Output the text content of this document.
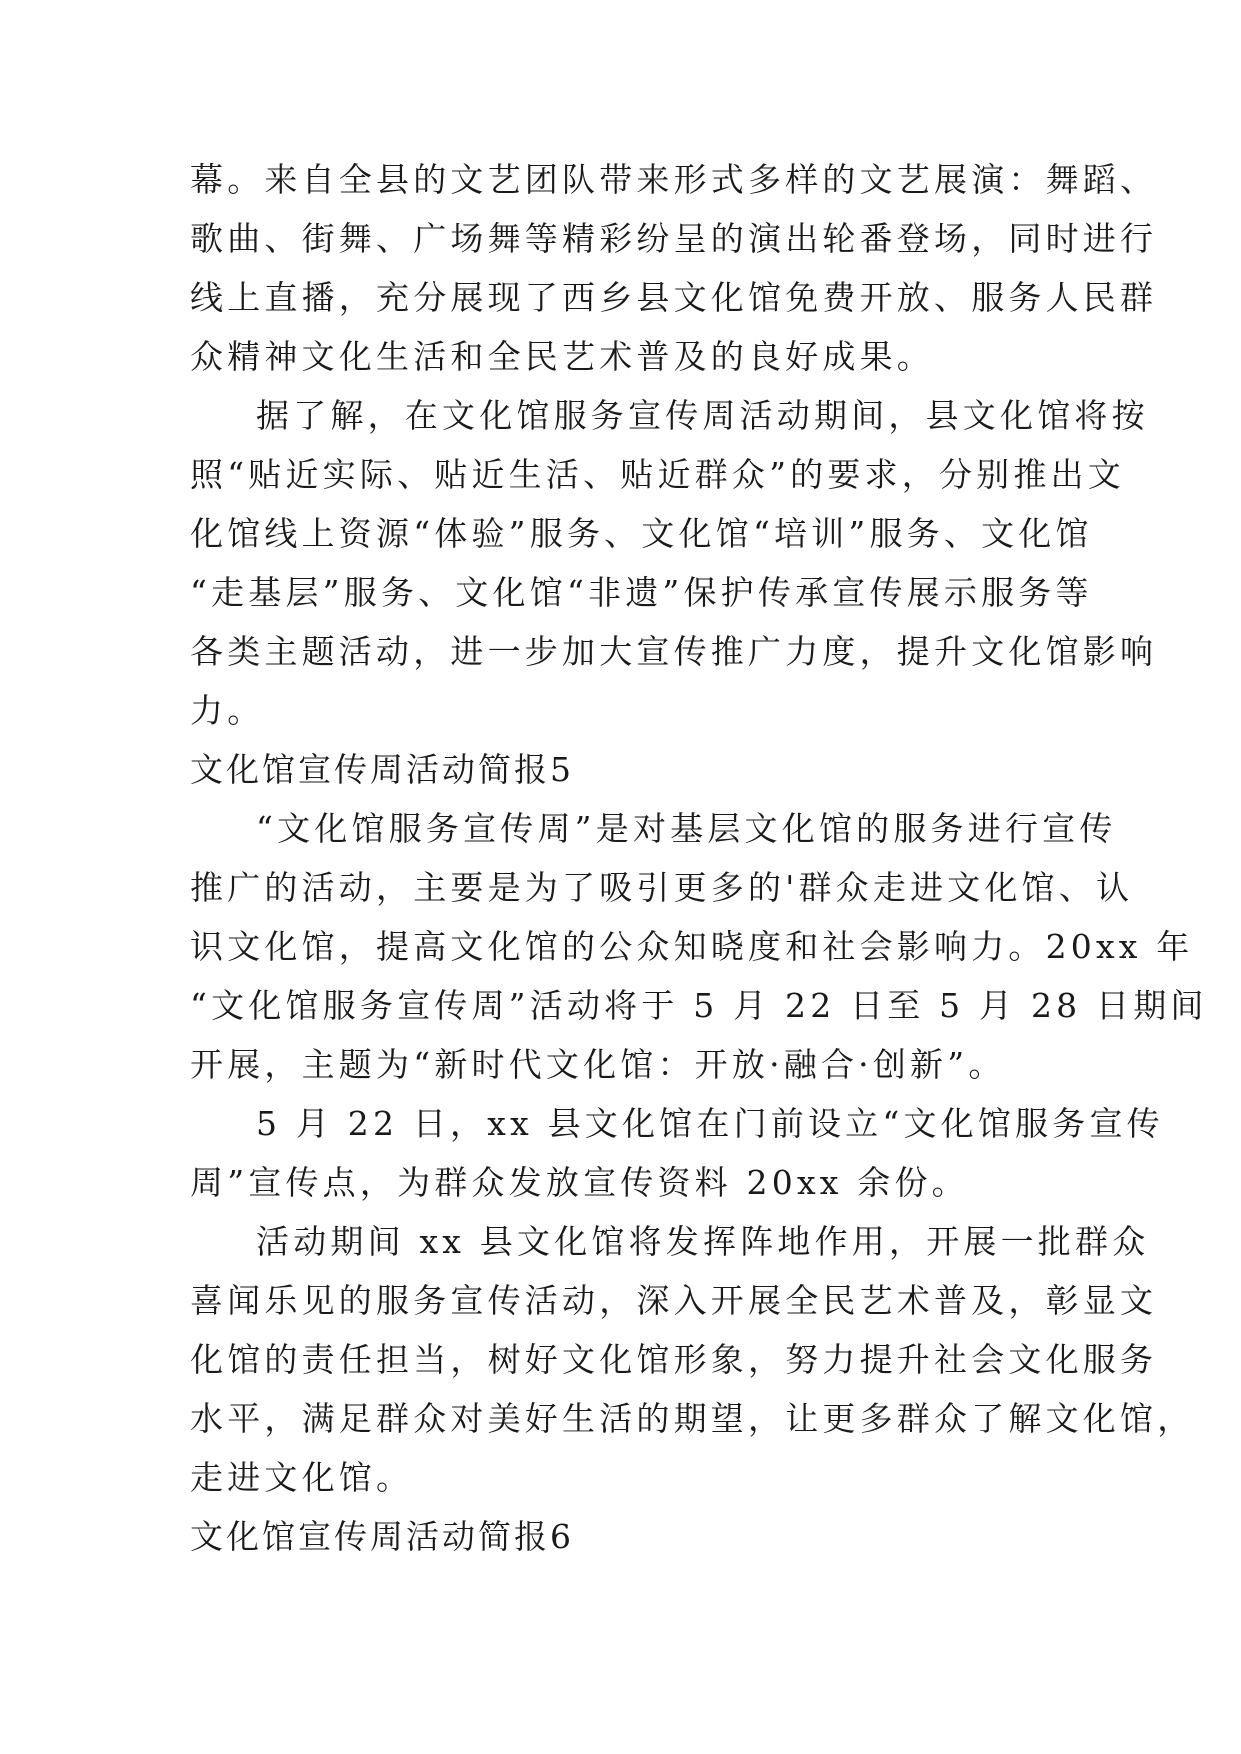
幕。来自全县的文艺团队带来形式多样的文艺展演：舞蹈、
歌曲、街舞、广场舞等精彩纷呈的演出轮番登场，同时进行
线上直播，充分展现了西乡县文化馆免费开放、服务人民群
众精神文化生活和全民艺术普及的良好成果。
据了解，在文化馆服务宣传周活动期间，县文化馆将按
照“贴近实际、贴近生活、贴近群众”的要求，分别推出文
化馆线上资源“体验”服务、文化馆“培训”服务、文化馆
“走基层”服务、文化馆“非遗”保护传承宣传展示服务等
各类主题活动，进一步加大宣传推广力度，提升文化馆影响
力。
文化馆宣传周活动简报5
“文化馆服务宣传周”是对基层文化馆的服务进行宣传
推广的活动，主要是为了吸引更多的'群众走进文化馆、认
识文化馆，提高文化馆的公众知晓度和社会影响力。20xx 年
“文化馆服务宣传周”活动将于 5 月 22 日至 5 月 28 日期间
开展，主题为“新时代文化馆：开放·融合·创新”。
5 月 22 日，xx 县文化馆在门前设立“文化馆服务宣传
周”宣传点，为群众发放宣传资料 20xx 余份。
活动期间 xx 县文化馆将发挥阵地作用，开展一批群众
喜闻乐见的服务宣传活动，深入开展全民艺术普及，彰显文
化馆的责任担当，树好文化馆形象，努力提升社会文化服务
水平，满足群众对美好生活的期望，让更多群众了解文化馆，
走进文化馆。
文化馆宣传周活动简报6
